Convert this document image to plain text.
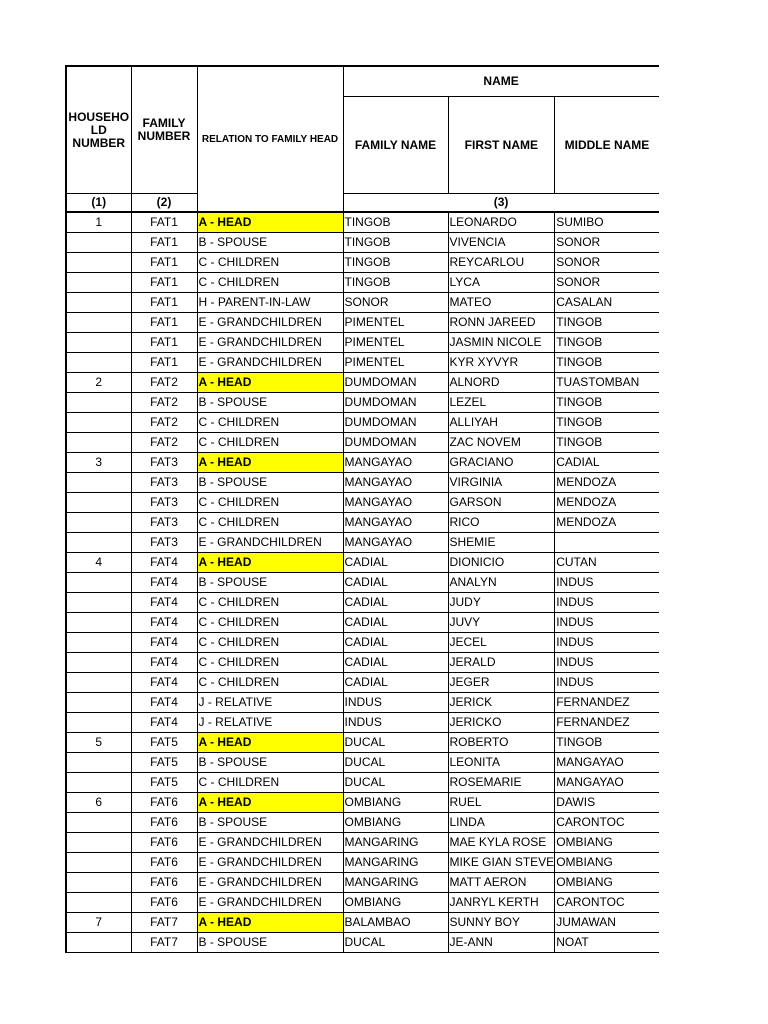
HOUSEHO LD NUMBER	FAMILY NUMBER	RELATION TO FAMILY HEAD	NAME		
			FAMILY NAME	FIRST NAME	MIDDLE NAME
(1)	(2)		(3)		
1	FAT1	A - HEAD	TINGOB	LEONARDO	SUMIBO
	FAT1	B - SPOUSE	TINGOB	VIVENCIA	SONOR
	FAT1	C - CHILDREN	TINGOB	REYCARLOU	SONOR
	FAT1	C - CHILDREN	TINGOB	LYCA	SONOR
	FAT1	H - PARENT-IN-LAW	SONOR	MATEO	CASALAN
	FAT1	E - GRANDCHILDREN	PIMENTEL	RONN JAREED	TINGOB
	FAT1	E - GRANDCHILDREN	PIMENTEL	JASMIN NICOLE	TINGOB
	FAT1	E - GRANDCHILDREN	PIMENTEL	KYR XYVYR	TINGOB
2	FAT2	A - HEAD	DUMDOMAN	ALNORD	TUASTOMBAN
	FAT2	B - SPOUSE	DUMDOMAN	LEZEL	TINGOB
	FAT2	C - CHILDREN	DUMDOMAN	ALLIYAH	TINGOB
	FAT2	C - CHILDREN	DUMDOMAN	ZAC NOVEM	TINGOB
3	FAT3	A - HEAD	MANGAYAO	GRACIANO	CADIAL
	FAT3	B - SPOUSE	MANGAYAO	VIRGINIA	MENDOZA
	FAT3	C - CHILDREN	MANGAYAO	GARSON	MENDOZA
	FAT3	C - CHILDREN	MANGAYAO	RICO	MENDOZA
	FAT3	E - GRANDCHILDREN	MANGAYAO	SHEMIE	
4	FAT4	A - HEAD	CADIAL	DIONICIO	CUTAN
	FAT4	B - SPOUSE	CADIAL	ANALYN	INDUS
	FAT4	C - CHILDREN	CADIAL	JUDY	INDUS
	FAT4	C - CHILDREN	CADIAL	JUVY	INDUS
	FAT4	C - CHILDREN	CADIAL	JECEL	INDUS
	FAT4	C - CHILDREN	CADIAL	JERALD	INDUS
	FAT4	C - CHILDREN	CADIAL	JEGER	INDUS
	FAT4	J - RELATIVE	INDUS	JERICK	FERNANDEZ
	FAT4	J - RELATIVE	INDUS	JERICKO	FERNANDEZ
5	FAT5	A - HEAD	DUCAL	ROBERTO	TINGOB
	FAT5	B - SPOUSE	DUCAL	LEONITA	MANGAYAO
	FAT5	C - CHILDREN	DUCAL	ROSEMARIE	MANGAYAO
6	FAT6	A - HEAD	OMBIANG	RUEL	DAWIS
	FAT6	B - SPOUSE	OMBIANG	LINDA	CARONTOC
	FAT6	E - GRANDCHILDREN	MANGARING	MAE KYLA ROSE	OMBIANG
	FAT6	E - GRANDCHILDREN	MANGARING	MIKE GIAN STEVE	OMBIANG
	FAT6	E - GRANDCHILDREN	MANGARING	MATT AERON	OMBIANG
	FAT6	E - GRANDCHILDREN	OMBIANG	JANRYL KERTH	CARONTOC
7	FAT7	A - HEAD	BALAMBAO	SUNNY BOY	JUMAWAN
	FAT7	B - SPOUSE	DUCAL	JE-ANN	NOAT
